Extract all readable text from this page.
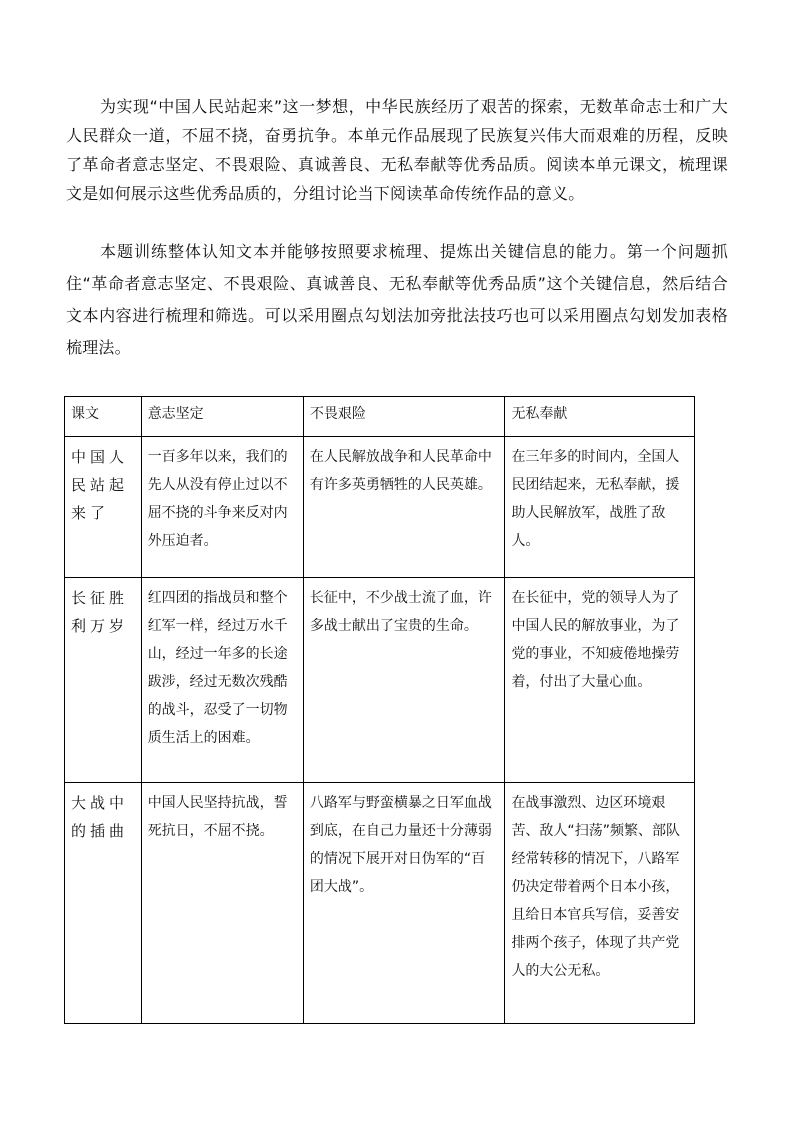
为实现“中国人民站起来”这一梦想，中华民族经历了艰苦的探索，无数革命志士和广大人民群众一道，不屈不挠，奋勇抗争。本单元作品展现了民族复兴伟大而艰难的历程，反映了革命者意志坚定、不畏艰险、真诚善良、无私奉献等优秀品质。阅读本单元课文，梳理课文是如何展示这些优秀品质的，分组讨论当下阅读革命传统作品的意义。

本题训练整体认知文本并能够按照要求梳理、提炼出关键信息的能力。第一个问题抓住“革命者意志坚定、不畏艰险、真诚善良、无私奉献等优秀品质”这个关键信息，然后结合文本内容进行梳理和筛选。可以采用圈点勾划法加旁批法技巧也可以采用圈点勾划发加表格梳理法。

课文	意志坚定	不畏艰险	无私奉献
中国人民站起来了	一百多年以来，我们的先人从没有停止过以不屈不挠的斗争来反对内外压迫者。	在人民解放战争和人民革命中有许多英勇牺牲的人民英雄。	在三年多的时间内，全国人民团结起来，无私奉献，援助人民解放军，战胜了敌人。
长征胜利万岁	红四团的指战员和整个红军一样，经过万水千山，经过一年多的长途跋涉，经过无数次残酷的战斗，忍受了一切物质生活上的困难。	长征中，不少战士流了血，许多战士献出了宝贵的生命。	在长征中，党的领导人为了中国人民的解放事业，为了党的事业，不知疲倦地操劳着，付出了大量心血。
大战中的插曲	中国人民坚持抗战，誓死抗日，不屈不挠。	八路军与野蛮横暴之日军血战到底，在自己力量还十分薄弱的情况下展开对日伪军的“百团大战”。	在战事激烈、边区环境艰苦、敌人“扫荡”频繁、部队经常转移的情况下，八路军仍决定带着两个日本小孩，且给日本官兵写信，妥善安排两个孩子，体现了共产党人的大公无私。
